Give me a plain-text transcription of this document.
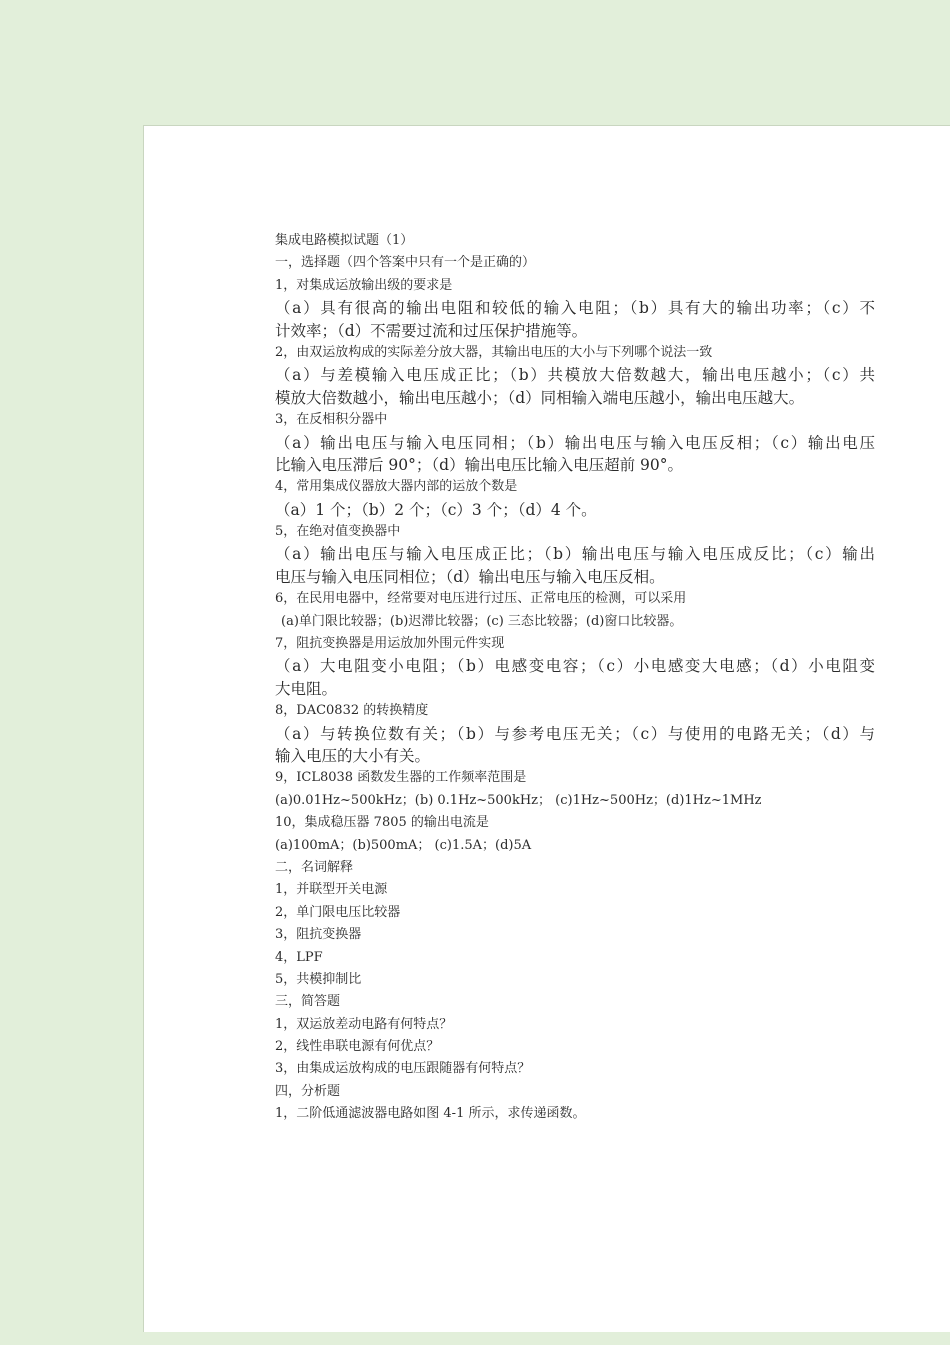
集成电路模拟试题（1）
一，选择题（四个答案中只有一个是正确的）
1，对集成运放输出级的要求是
（a）具有很高的输出电阻和较低的输入电阻；（b）具有大的输出功率；（c）不
计效率；（d）不需要过流和过压保护措施等。
2，由双运放构成的实际差分放大器，其输出电压的大小与下列哪个说法一致
（a）与差模输入电压成正比；（b）共模放大倍数越大，输出电压越小；（c）共
模放大倍数越小，输出电压越小；（d）同相输入端电压越小，输出电压越大。
3，在反相积分器中
（a）输出电压与输入电压同相；（b）输出电压与输入电压反相；（c）输出电压
比输入电压滞后 90°；（d）输出电压比输入电压超前 90°。
4，常用集成仪器放大器内部的运放个数是
（a）1 个；（b）2 个；（c）3 个；（d）4 个。
5，在绝对值变换器中
（a）输出电压与输入电压成正比；（b）输出电压与输入电压成反比；（c）输出
电压与输入电压同相位；（d）输出电压与输入电压反相。
6，在民用电器中，经常要对电压进行过压、正常电压的检测，可以采用
(a)单门限比较器；(b)迟滞比较器；(c) 三态比较器；(d)窗口比较器。
7，阻抗变换器是用运放加外围元件实现
（a）大电阻变小电阻；（b）电感变电容；（c）小电感变大电感；（d）小电阻变
大电阻。
8，DAC0832 的转换精度
（a）与转换位数有关；（b）与参考电压无关；（c）与使用的电路无关；（d）与
输入电压的大小有关。
9，ICL8038 函数发生器的工作频率范围是
(a)0.01Hz~500kHz；(b) 0.1Hz~500kHz； (c)1Hz~500Hz；(d)1Hz~1MHz
10，集成稳压器 7805 的输出电流是
(a)100mA；(b)500mA； (c)1.5A；(d)5A
二，名词解释
1，并联型开关电源
2，单门限电压比较器
3，阻抗变换器
4，LPF
5，共模抑制比
三，简答题
1，双运放差动电路有何特点？
2，线性串联电源有何优点？
3，由集成运放构成的电压跟随器有何特点？
四，分析题
1，二阶低通滤波器电路如图 4-1 所示，求传递函数。
